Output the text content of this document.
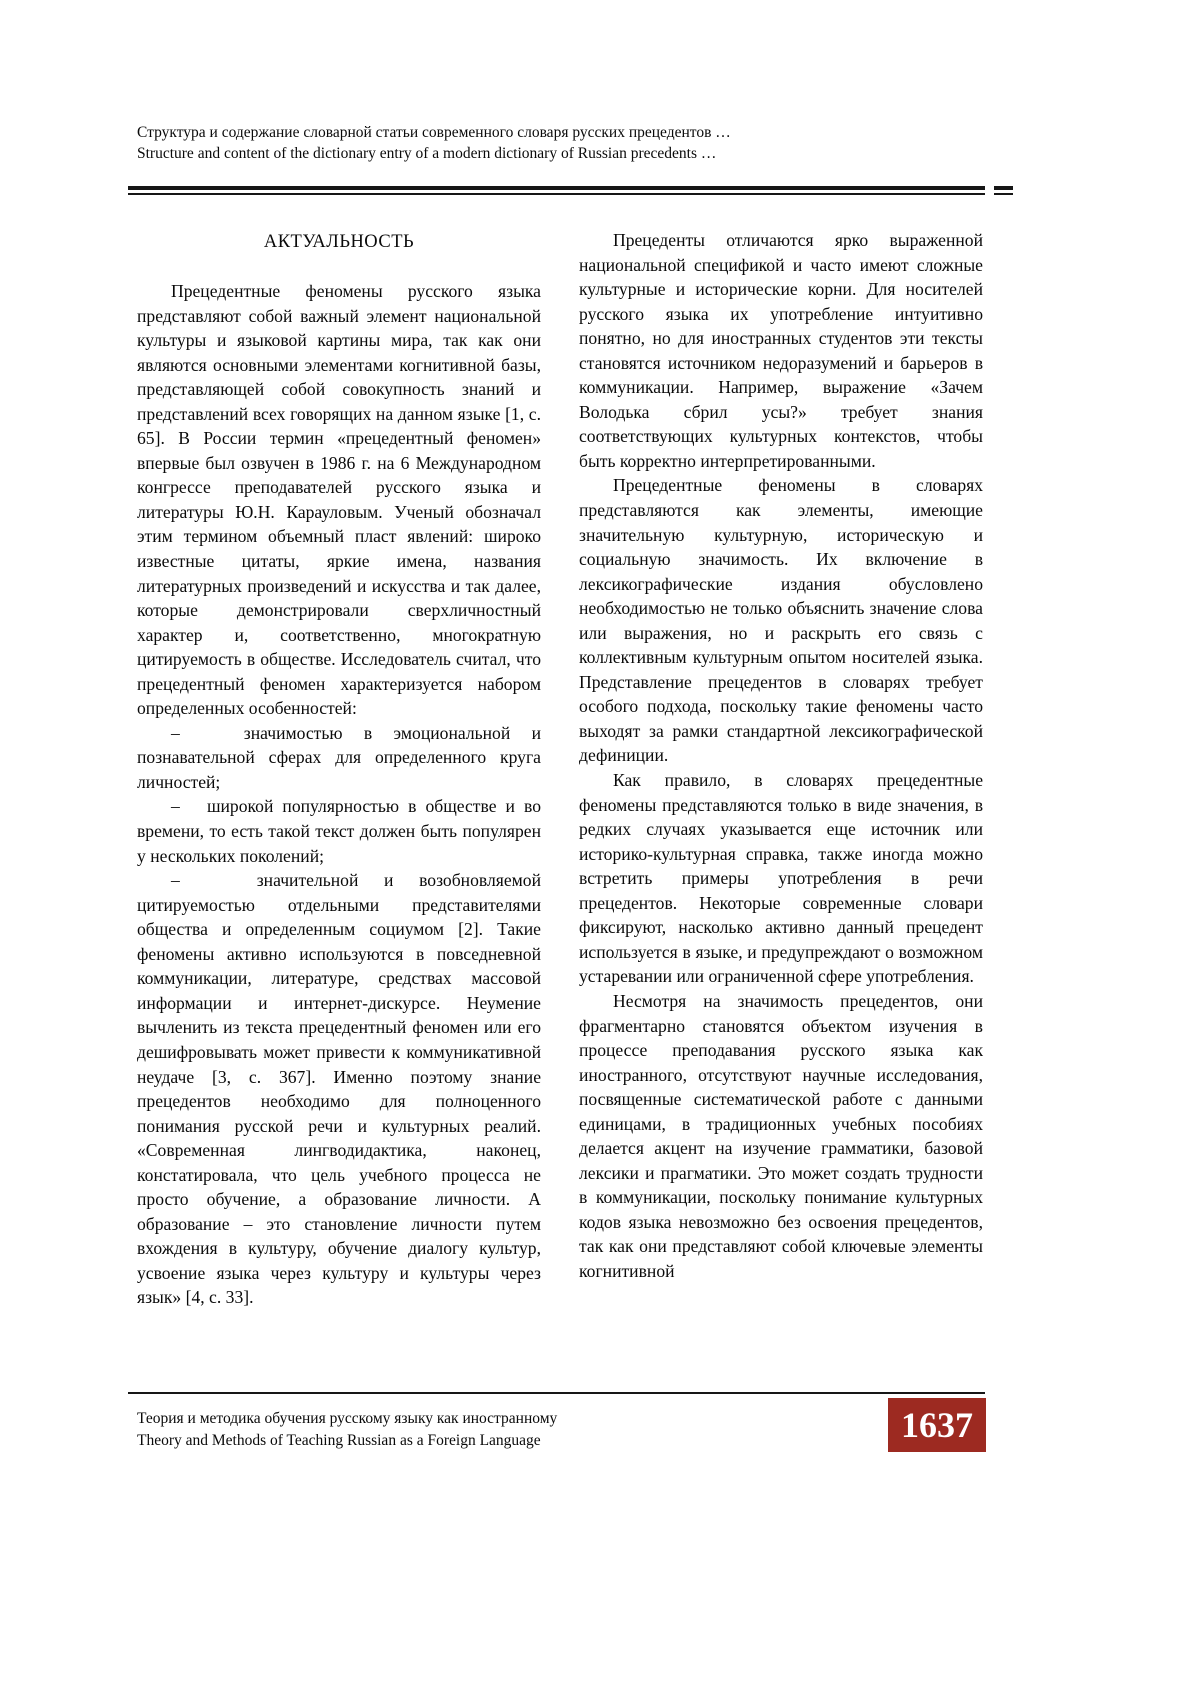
Структура и содержание словарной статьи современного словаря русских прецедентов …
Structure and content of the dictionary entry of a modern dictionary of Russian precedents …
АКТУАЛЬНОСТЬ

Прецедентные феномены русского языка представляют собой важный элемент национальной культуры и языковой картины мира, так как они являются основными элементами когнитивной базы, представляющей собой совокупность знаний и представлений всех говорящих на данном языке [1, с. 65]. В России термин «прецедентный феномен» впервые был озвучен в 1986 г. на 6 Международном конгрессе преподавателей русского языка и литературы Ю.Н. Карауловым. Ученый обозначал этим термином объемный пласт явлений: широко известные цитаты, яркие имена, названия литературных произведений и искусства и так далее, которые демонстрировали сверхличностный характер и, соответственно, многократную цитируемость в обществе. Исследователь считал, что прецедентный феномен характеризуется набором определенных особенностей:

–   значимостью в эмоциональной и познавательной сферах для определенного круга личностей;

–   широкой популярностью в обществе и во времени, то есть такой текст должен быть популярен у нескольких поколений;

–   значительной и возобновляемой цитируемостью отдельными представителями общества и определенным социумом [2]. Такие феномены активно используются в повседневной коммуникации, литературе, средствах массовой информации и интернет-дискурсе. Неумение вычленить из текста прецедентный феномен или его дешифровывать может привести к коммуникативной неудаче [3, с. 367]. Именно поэтому знание прецедентов необходимо для полноценного понимания русской речи и культурных реалий. «Современная лингводидактика, наконец, констатировала, что цель учебного процесса не просто обучение, а образование личности. А образование – это становление личности путем вхождения в культуру, обучение диалогу культур, усвоение языка через культуру и культуры через язык» [4, с. 33].

Прецеденты отличаются ярко выраженной национальной спецификой и часто имеют сложные культурные и исторические корни. Для носителей русского языка их употребление интуитивно понятно, но для иностранных студентов эти тексты становятся источником недоразумений и барьеров в коммуникации. Например, выражение «Зачем Володька сбрил усы?» требует знания соответствующих культурных контекстов, чтобы быть корректно интерпретированными.

Прецедентные феномены в словарях представляются как элементы, имеющие значительную культурную, историческую и социальную значимость. Их включение в лексикографические издания обусловлено необходимостью не только объяснить значение слова или выражения, но и раскрыть его связь с коллективным культурным опытом носителей языка. Представление прецедентов в словарях требует особого подхода, поскольку такие феномены часто выходят за рамки стандартной лексикографической дефиниции.

Как правило, в словарях прецедентные феномены представляются только в виде значения, в редких случаях указывается еще источник или историко-культурная справка, также иногда можно встретить примеры употребления в речи прецедентов. Некоторые современные словари фиксируют, насколько активно данный прецедент используется в языке, и предупреждают о возможном устаревании или ограниченной сфере употребления.

Несмотря на значимость прецедентов, они фрагментарно становятся объектом изучения в процессе преподавания русского языка как иностранного, отсутствуют научные исследования, посвященные систематической работе с данными единицами, в традиционных учебных пособиях делается акцент на изучение грамматики, базовой лексики и прагматики. Это может создать трудности в коммуникации, поскольку понимание культурных кодов языка невозможно без освоения прецедентов, так как они представляют собой ключевые элементы когнитивной

Теория и методика обучения русскому языку как иностранному
Theory and Methods of Teaching Russian as a Foreign Language	1637
